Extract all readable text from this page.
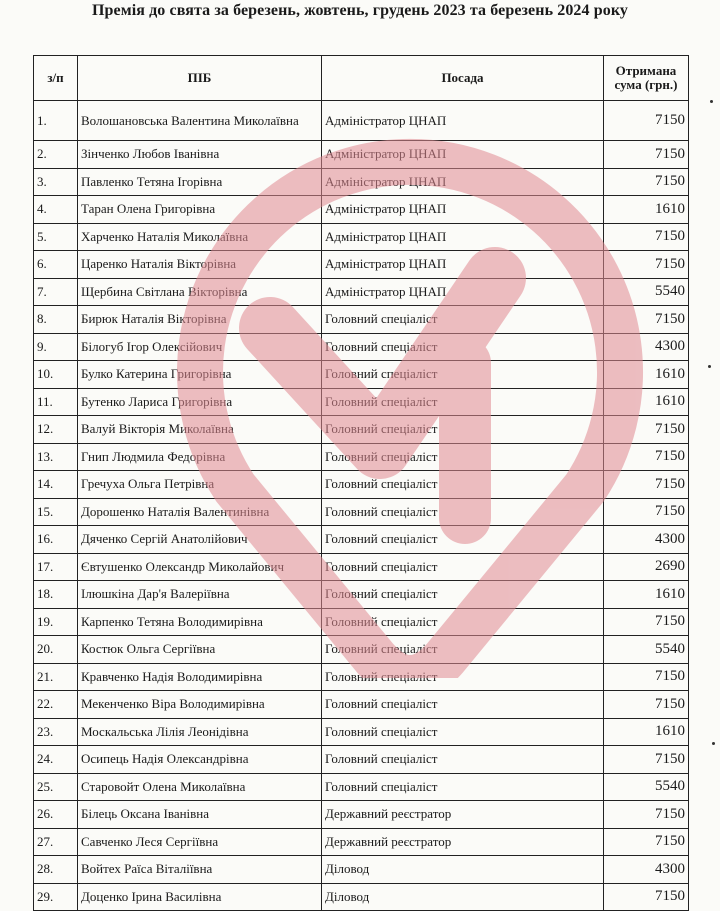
Премія до свята за березень, жовтень, грудень 2023 та березень 2024 року
з/п	ПІБ	Посада	Отримана
сума (грн.)
1.	Волошановська Валентина Миколаївна	Адміністратор ЦНАП	7150
2.	Зінченко Любов Іванівна	Адміністратор ЦНАП	7150
3.	Павленко Тетяна Ігорівна	Адміністратор ЦНАП	7150
4.	Таран Олена Григорівна	Адміністратор ЦНАП	1610
5.	Харченко Наталія Миколаївна	Адміністратор ЦНАП	7150
6.	Царенко Наталія Вікторівна	Адміністратор ЦНАП	7150
7.	Щербина Світлана Вікторівна	Адміністратор ЦНАП	5540
8.	Бирюк Наталія Вікторівна	Головний спеціаліст	7150
9.	Білогуб Ігор Олексійович	Головний спеціаліст	4300
10.	Булко Катерина Григорівна	Головний спеціаліст	1610
11.	Бутенко Лариса Григорівна	Головний спеціаліст	1610
12.	Валуй Вікторія Миколаївна	Головний спеціаліст	7150
13.	Гнип Людмила Федорівна	Головний спеціаліст	7150
14.	Гречуха Ольга Петрівна	Головний спеціаліст	7150
15.	Дорошенко Наталія Валентинівна	Головний спеціаліст	7150
16.	Дяченко Сергій Анатолійович	Головний спеціаліст	4300
17.	Євтушенко Олександр Миколайович	Головний спеціаліст	2690
18.	Ілюшкіна Дар'я Валеріївна	Головний спеціаліст	1610
19.	Карпенко Тетяна Володимирівна	Головний спеціаліст	7150
20.	Костюк Ольга Сергіївна	Головний спеціаліст	5540
21.	Кравченко Надія Володимирівна	Головний спеціаліст	7150
22.	Мекенченко Віра Володимирівна	Головний спеціаліст	7150
23.	Москальська Лілія Леонідівна	Головний спеціаліст	1610
24.	Осипець Надія Олександрівна	Головний спеціаліст	7150
25.	Старовойт Олена Миколаївна	Головний спеціаліст	5540
26.	Білець Оксана Іванівна	Державний реєстратор	7150
27.	Савченко Леся Сергіївна	Державний реєстратор	7150
28.	Войтех Раїса Віталіївна	Діловод	4300
29.	Доценко Ірина Василівна	Діловод	7150
